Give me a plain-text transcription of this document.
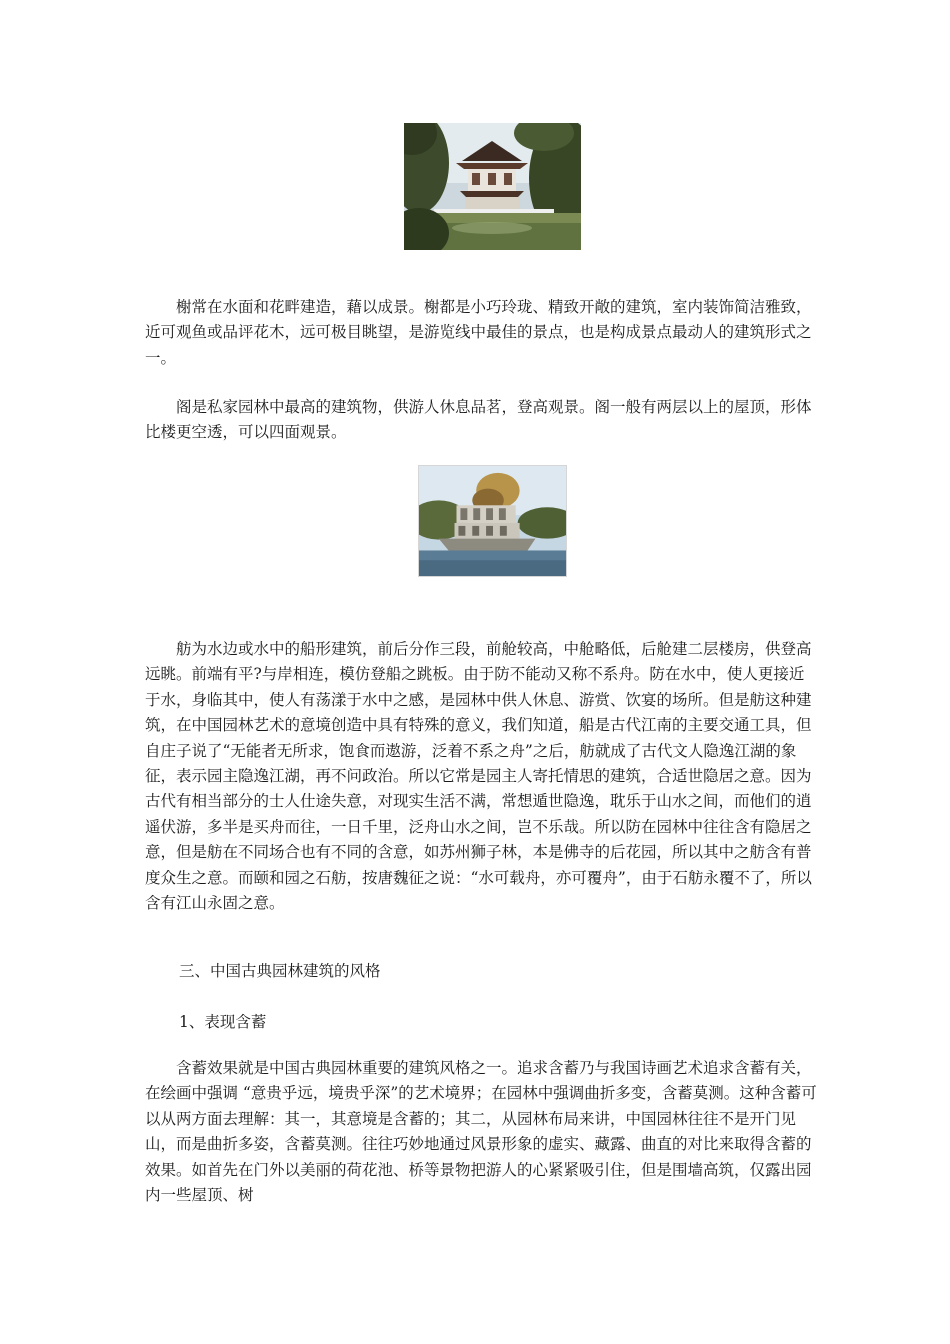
榭常在水面和花畔建造，藉以成景。榭都是小巧玲珑、精致开敞的建筑，室内装饰简洁雅致，近可观鱼或品评花木，远可极目眺望，是游览线中最佳的景点，也是构成景点最动人的建筑形式之一。

阁是私家园林中最高的建筑物，供游人休息品茗，登高观景。阁一般有两层以上的屋顶，形体比楼更空透，可以四面观景。

舫为水边或水中的船形建筑，前后分作三段，前舱较高，中舱略低，后舱建二层楼房，供登高远眺。前端有平?与岸相连，模仿登船之跳板。由于防不能动又称不系舟。防在水中，使人更接近于水，身临其中，使人有荡漾于水中之感，是园林中供人休息、游赏、饮宴的场所。但是舫这种建筑，在中国园林艺术的意境创造中具有特殊的意义，我们知道，船是古代江南的主要交通工具，但自庄子说了“无能者无所求，饱食而遨游，泛着不系之舟”之后，舫就成了古代文人隐逸江湖的象征，表示园主隐逸江湖，再不问政治。所以它常是园主人寄托情思的建筑，合适世隐居之意。因为古代有相当部分的士人仕途失意，对现实生活不满，常想遁世隐逸，耽乐于山水之间，而他们的逍遥伏游，多半是买舟而往，一日千里，泛舟山水之间，岂不乐哉。所以防在园林中往往含有隐居之意，但是舫在不同场合也有不同的含意，如苏州狮子林，本是佛寺的后花园，所以其中之舫含有普度众生之意。而颐和园之石舫，按唐魏征之说：“水可载舟，亦可覆舟”，由于石舫永覆不了，所以含有江山永固之意。

三、中国古典园林建筑的风格

1、表现含蓄

含蓄效果就是中国古典园林重要的建筑风格之一。追求含蓄乃与我国诗画艺术追求含蓄有关，在绘画中强调 “意贵乎远，境贵乎深”的艺术境界；在园林中强调曲折多变，含蓄莫测。这种含蓄可以从两方面去理解：其一，其意境是含蓄的；其二，从园林布局来讲，中国园林往往不是开门见山，而是曲折多姿，含蓄莫测。往往巧妙地通过风景形象的虚实、藏露、曲直的对比来取得含蓄的效果。如首先在门外以美丽的荷花池、桥等景物把游人的心紧紧吸引住，但是围墙高筑，仅露出园内一些屋顶、树
